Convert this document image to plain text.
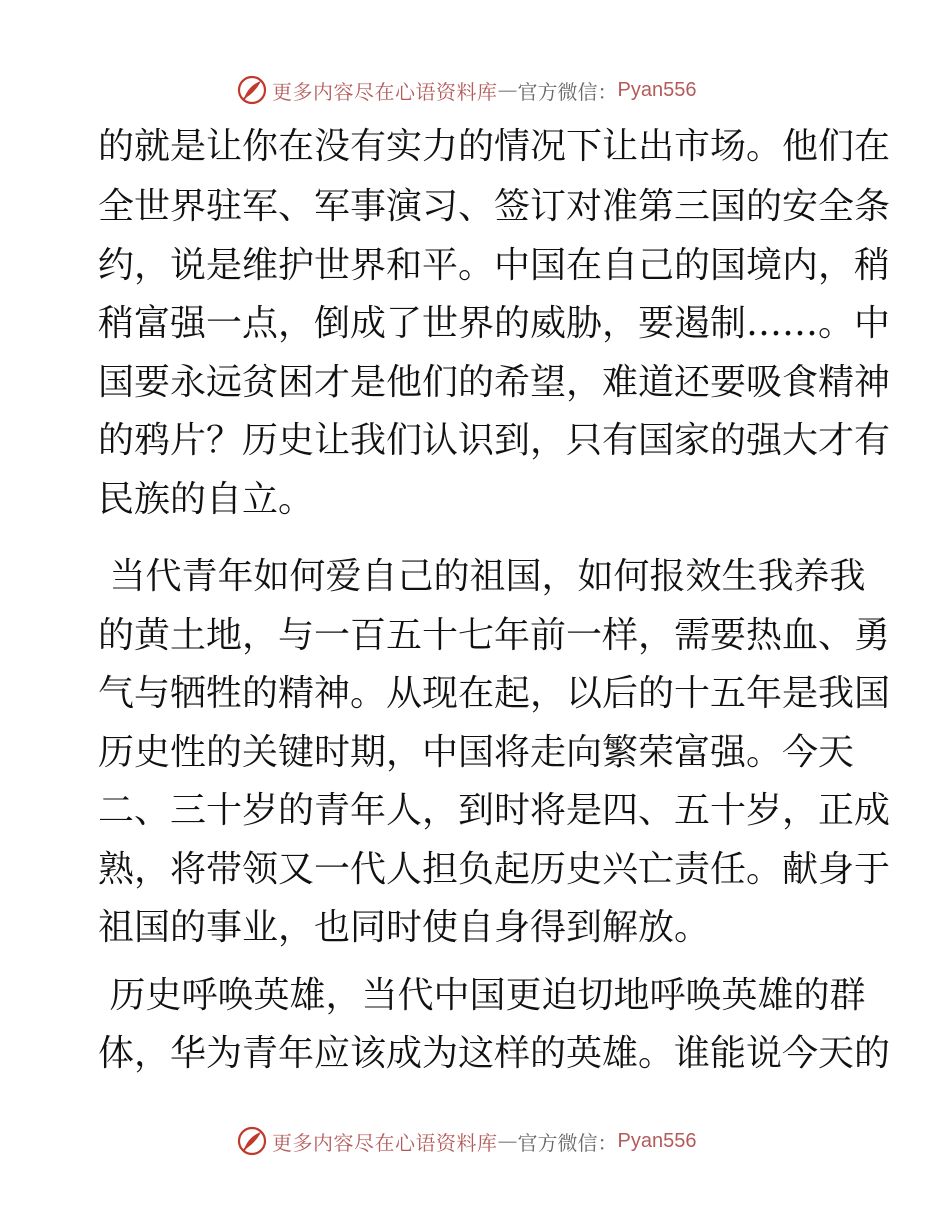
更多内容尽在心语资料库 — 官方微信： Pyan556
的就是让你在没有实力的情况下让出市场。他们在
全世界驻军、军事演习、签订对准第三国的安全条
约，说是维护世界和平。中国在自己的国境内，稍
稍富强一点，倒成了世界的威胁，要遏制……。中
国要永远贫困才是他们的希望，难道还要吸食精神
的鸦片？历史让我们认识到，只有国家的强大才有
民族的自立。
当代青年如何爱自己的祖国，如何报效生我养我
的黄土地，与一百五十七年前一样，需要热血、勇
气与牺牲的精神。从现在起，以后的十五年是我国
历史性的关键时期，中国将走向繁荣富强。今天
二、三十岁的青年人，到时将是四、五十岁，正成
熟，将带领又一代人担负起历史兴亡责任。献身于
祖国的事业，也同时使自身得到解放。
历史呼唤英雄，当代中国更迫切地呼唤英雄的群
体，华为青年应该成为这样的英雄。谁能说今天的
更多内容尽在心语资料库 — 官方微信： Pyan556
